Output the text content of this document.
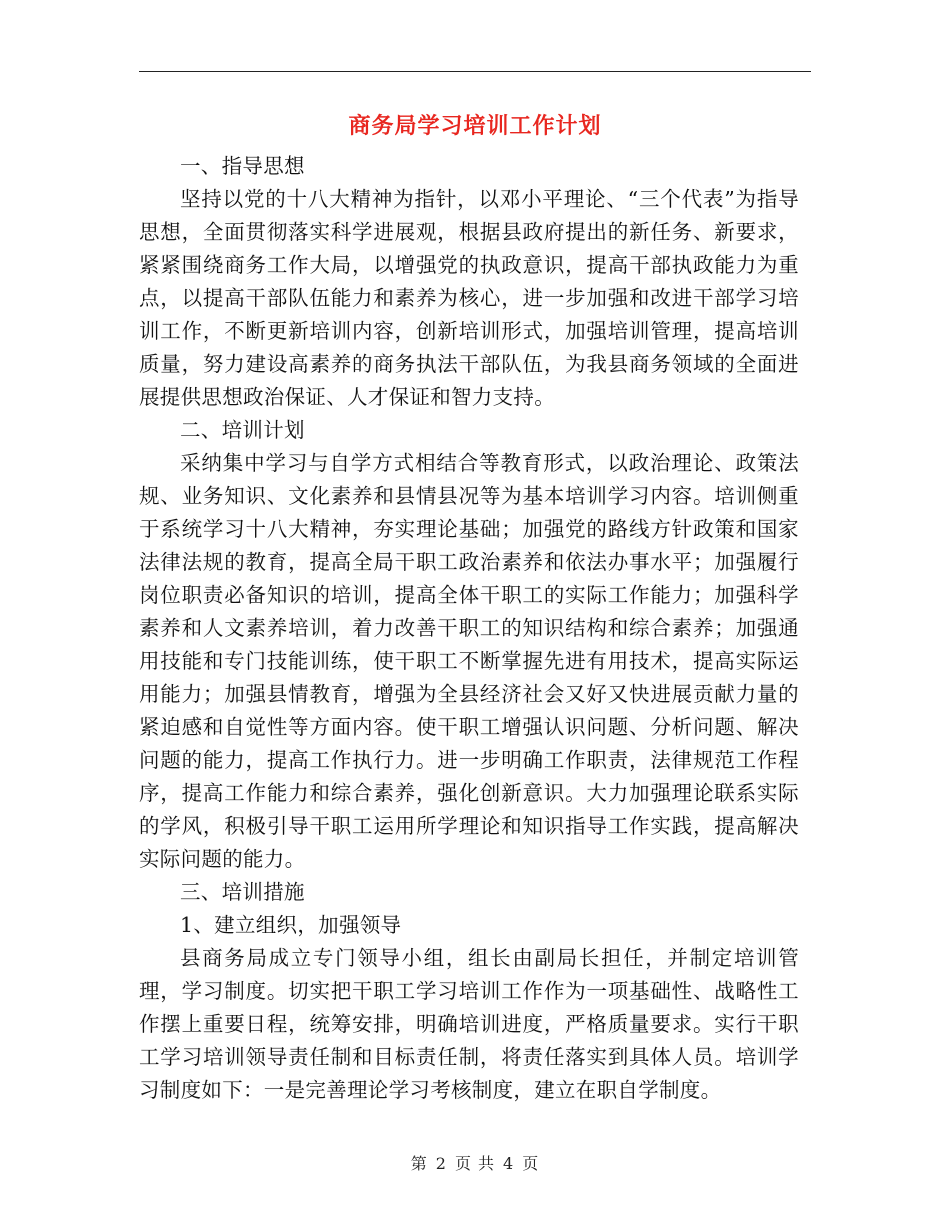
商务局学习培训工作计划

一、指导思想

坚持以党的十八大精神为指针，以邓小平理论、“三个代表”为指导思想，全面贯彻落实科学进展观，根据县政府提出的新任务、新要求，紧紧围绕商务工作大局，以增强党的执政意识，提高干部执政能力为重点，以提高干部队伍能力和素养为核心，进一步加强和改进干部学习培训工作，不断更新培训内容，创新培训形式，加强培训管理，提高培训质量，努力建设高素养的商务执法干部队伍，为我县商务领域的全面进展提供思想政治保证、人才保证和智力支持。

二、培训计划

采纳集中学习与自学方式相结合等教育形式，以政治理论、政策法规、业务知识、文化素养和县情县况等为基本培训学习内容。培训侧重于系统学习十八大精神，夯实理论基础；加强党的路线方针政策和国家法律法规的教育，提高全局干职工政治素养和依法办事水平；加强履行岗位职责必备知识的培训，提高全体干职工的实际工作能力；加强科学素养和人文素养培训，着力改善干职工的知识结构和综合素养；加强通用技能和专门技能训练，使干职工不断掌握先进有用技术，提高实际运用能力；加强县情教育，增强为全县经济社会又好又快进展贡献力量的紧迫感和自觉性等方面内容。使干职工增强认识问题、分析问题、解决问题的能力，提高工作执行力。进一步明确工作职责，法律规范工作程序，提高工作能力和综合素养，强化创新意识。大力加强理论联系实际的学风，积极引导干职工运用所学理论和知识指导工作实践，提高解决实际问题的能力。

三、培训措施

1、建立组织，加强领导

县商务局成立专门领导小组，组长由副局长担任，并制定培训管理，学习制度。切实把干职工学习培训工作作为一项基础性、战略性工作摆上重要日程，统筹安排，明确培训进度，严格质量要求。实行干职工学习培训领导责任制和目标责任制，将责任落实到具体人员。培训学习制度如下：一是完善理论学习考核制度，建立在职自学制度。

第 2 页 共 4 页
